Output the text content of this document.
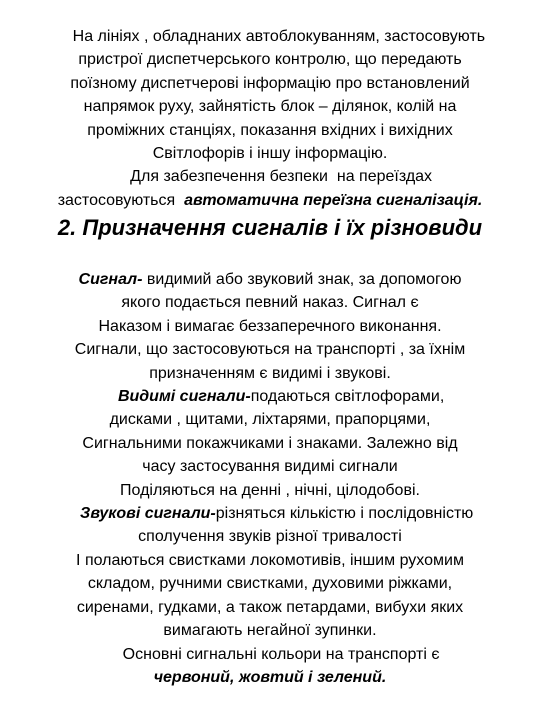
На лініях , обладнаних автоблокуванням, застосовують
пристрої диспетчерського контролю, що передають
поїзному диспетчерові інформацію про встановлений
напрямок руху, зайнятість блок – ділянок, колій на
проміжних станціях, показання вхідних і вихідних
Світлофорів і іншу інформацію.
Для забезпечення безпеки  на переїздах
застосовуються  автоматична переїзна сигналізація.
2. Призначення сигналів і їх різновиди
Сигнал- видимий або звуковий знак, за допомогою
якого подається певний наказ. Сигнал є
Наказом і вимагає беззаперечного виконання.
Сигнали, що застосовуються на транспорті , за їхнім
призначенням є видимі і звукові.
Видимі сигнали-подаються світлофорами,
дисками , щитами, ліхтарями, прапорцями,
Сигнальними покажчиками і знаками. Залежно від
часу застосування видимі сигнали
Поділяються на денні , нічні, цілодобові.
Звукові сигнали-різняться кількістю і послідовністю
сполучення звуків різної тривалості
І полаються свистками локомотивів, іншим рухомим
складом, ручними свистками, духовими ріжками,
сиренами, гудками, а також петардами, вибухи яких
вимагають негайної зупинки.
Основні сигнальні кольори на транспорті є
червоний, жовтий і зелений.
